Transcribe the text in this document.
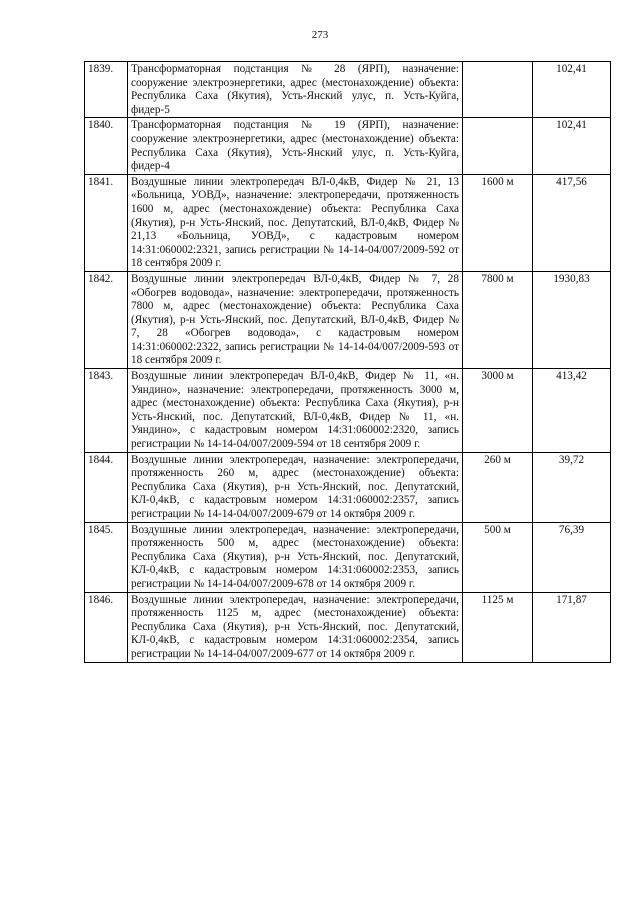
273
1839.	Трансформаторная подстанция № 28 (ЯРП), назначение: сооружение электроэнергетики, адрес (местонахождение) объекта: Республика Саха (Якутия), Усть-Янский улус, п. Усть-Куйга, фидер-5		102,41
1840.	Трансформаторная подстанция № 19 (ЯРП), назначение: сооружение электроэнергетики, адрес (местонахождение) объекта: Республика Саха (Якутия), Усть-Янский улус, п. Усть-Куйга, фидер-4		102,41
1841.	Воздушные линии электропередач ВЛ-0,4кВ, Фидер № 21, 13 «Больница, УОВД», назначение: электропередачи, протяженность 1600 м, адрес (местонахождение) объекта: Республика Саха (Якутия), р-н Усть-Янский, пос. Депутатский, ВЛ-0,4кВ, Фидер № 21,13 «Больница, УОВД», с кадастровым номером 14:31:060002:2321, запись регистрации № 14-14-04/007/2009-592 от 18 сентября 2009 г.	1600 м	417,56
1842.	Воздушные линии электропередач ВЛ-0,4кВ, Фидер № 7, 28 «Обогрев водовода», назначение: электропередачи, протяженность 7800 м, адрес (местонахождение) объекта: Республика Саха (Якутия), р-н Усть-Янский, пос. Депутатский, ВЛ-0,4кВ, Фидер № 7, 28 «Обогрев водовода», с кадастровым номером 14:31:060002:2322, запись регистрации № 14-14-04/007/2009-593 от 18 сентября 2009 г.	7800 м	1930,83
1843.	Воздушные линии электропередач ВЛ-0,4кВ, Фидер № 11, «н. Уяндино», назначение: электропередачи, протяженность 3000 м, адрес (местонахождение) объекта: Республика Саха (Якутия), р-н Усть-Янский, пос. Депутатский, ВЛ-0,4кВ, Фидер № 11, «н. Уяндино», с кадастровым номером 14:31:060002:2320, запись регистрации № 14-14-04/007/2009-594 от 18 сентября 2009 г.	3000 м	413,42
1844.	Воздушные линии электропередач, назначение: электропередачи, протяженность 260 м, адрес (местонахождение) объекта: Республика Саха (Якутия), р-н Усть-Янский, пос. Депутатский, КЛ-0,4кВ, с кадастровым номером 14:31:060002:2357, запись регистрации № 14-14-04/007/2009-679 от 14 октября 2009 г.	260 м	39,72
1845.	Воздушные линии электропередач, назначение: электропередачи, протяженность 500 м, адрес (местонахождение) объекта: Республика Саха (Якутия), р-н Усть-Янский, пос. Депутатский, КЛ-0,4кВ, с кадастровым номером 14:31:060002:2353, запись регистрации № 14-14-04/007/2009-678 от 14 октября 2009 г.	500 м	76,39
1846.	Воздушные линии электропередач, назначение: электропередачи, протяженность 1125 м, адрес (местонахождение) объекта: Республика Саха (Якутия), р-н Усть-Янский, пос. Депутатский, КЛ-0,4кВ, с кадастровым номером 14:31:060002:2354, запись регистрации № 14-14-04/007/2009-677 от 14 октября 2009 г.	1125 м	171,87
